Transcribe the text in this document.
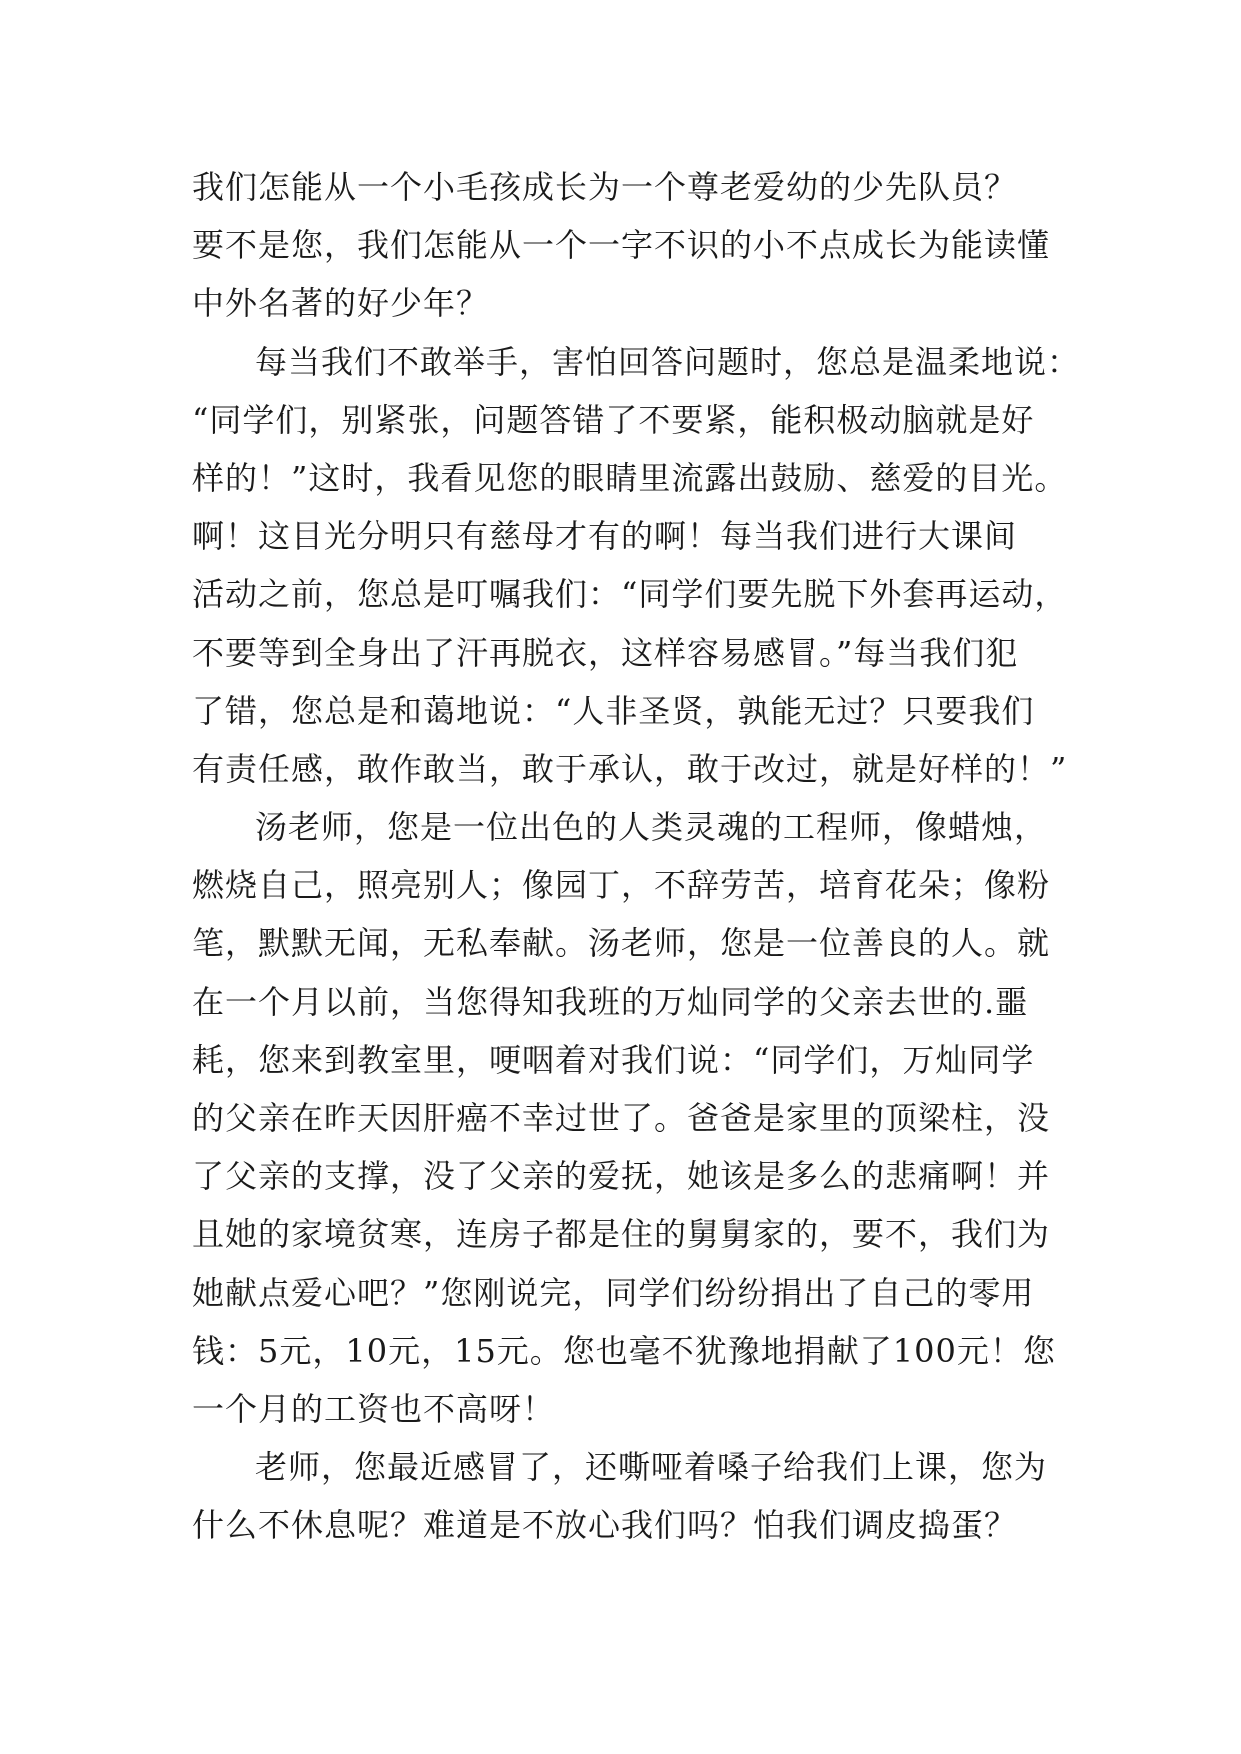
我们怎能从一个小毛孩成长为一个尊老爱幼的少先队员？
要不是您，我们怎能从一个一字不识的小不点成长为能读懂
中外名著的好少年？
每当我们不敢举手，害怕回答问题时，您总是温柔地说：
“同学们，别紧张，问题答错了不要紧，能积极动脑就是好
样的！”这时，我看见您的眼睛里流露出鼓励、慈爱的目光。
啊！这目光分明只有慈母才有的啊！每当我们进行大课间
活动之前，您总是叮嘱我们：“同学们要先脱下外套再运动，
不要等到全身出了汗再脱衣，这样容易感冒。”每当我们犯
了错，您总是和蔼地说：“人非圣贤，孰能无过？只要我们
有责任感，敢作敢当，敢于承认，敢于改过，就是好样的！”
汤老师，您是一位出色的人类灵魂的工程师，像蜡烛，
燃烧自己，照亮别人；像园丁，不辞劳苦，培育花朵；像粉
笔，默默无闻，无私奉献。汤老师，您是一位善良的人。就
在一个月以前，当您得知我班的万灿同学的父亲去世的.噩
耗，您来到教室里，哽咽着对我们说：“同学们，万灿同学
的父亲在昨天因肝癌不幸过世了。爸爸是家里的顶梁柱，没
了父亲的支撑，没了父亲的爱抚，她该是多么的悲痛啊！并
且她的家境贫寒，连房子都是住的舅舅家的，要不，我们为
她献点爱心吧？”您刚说完，同学们纷纷捐出了自己的零用
钱：5元，10元，15元。您也毫不犹豫地捐献了100元！您
一个月的工资也不高呀！
老师，您最近感冒了，还嘶哑着嗓子给我们上课，您为
什么不休息呢？难道是不放心我们吗？怕我们调皮捣蛋？
